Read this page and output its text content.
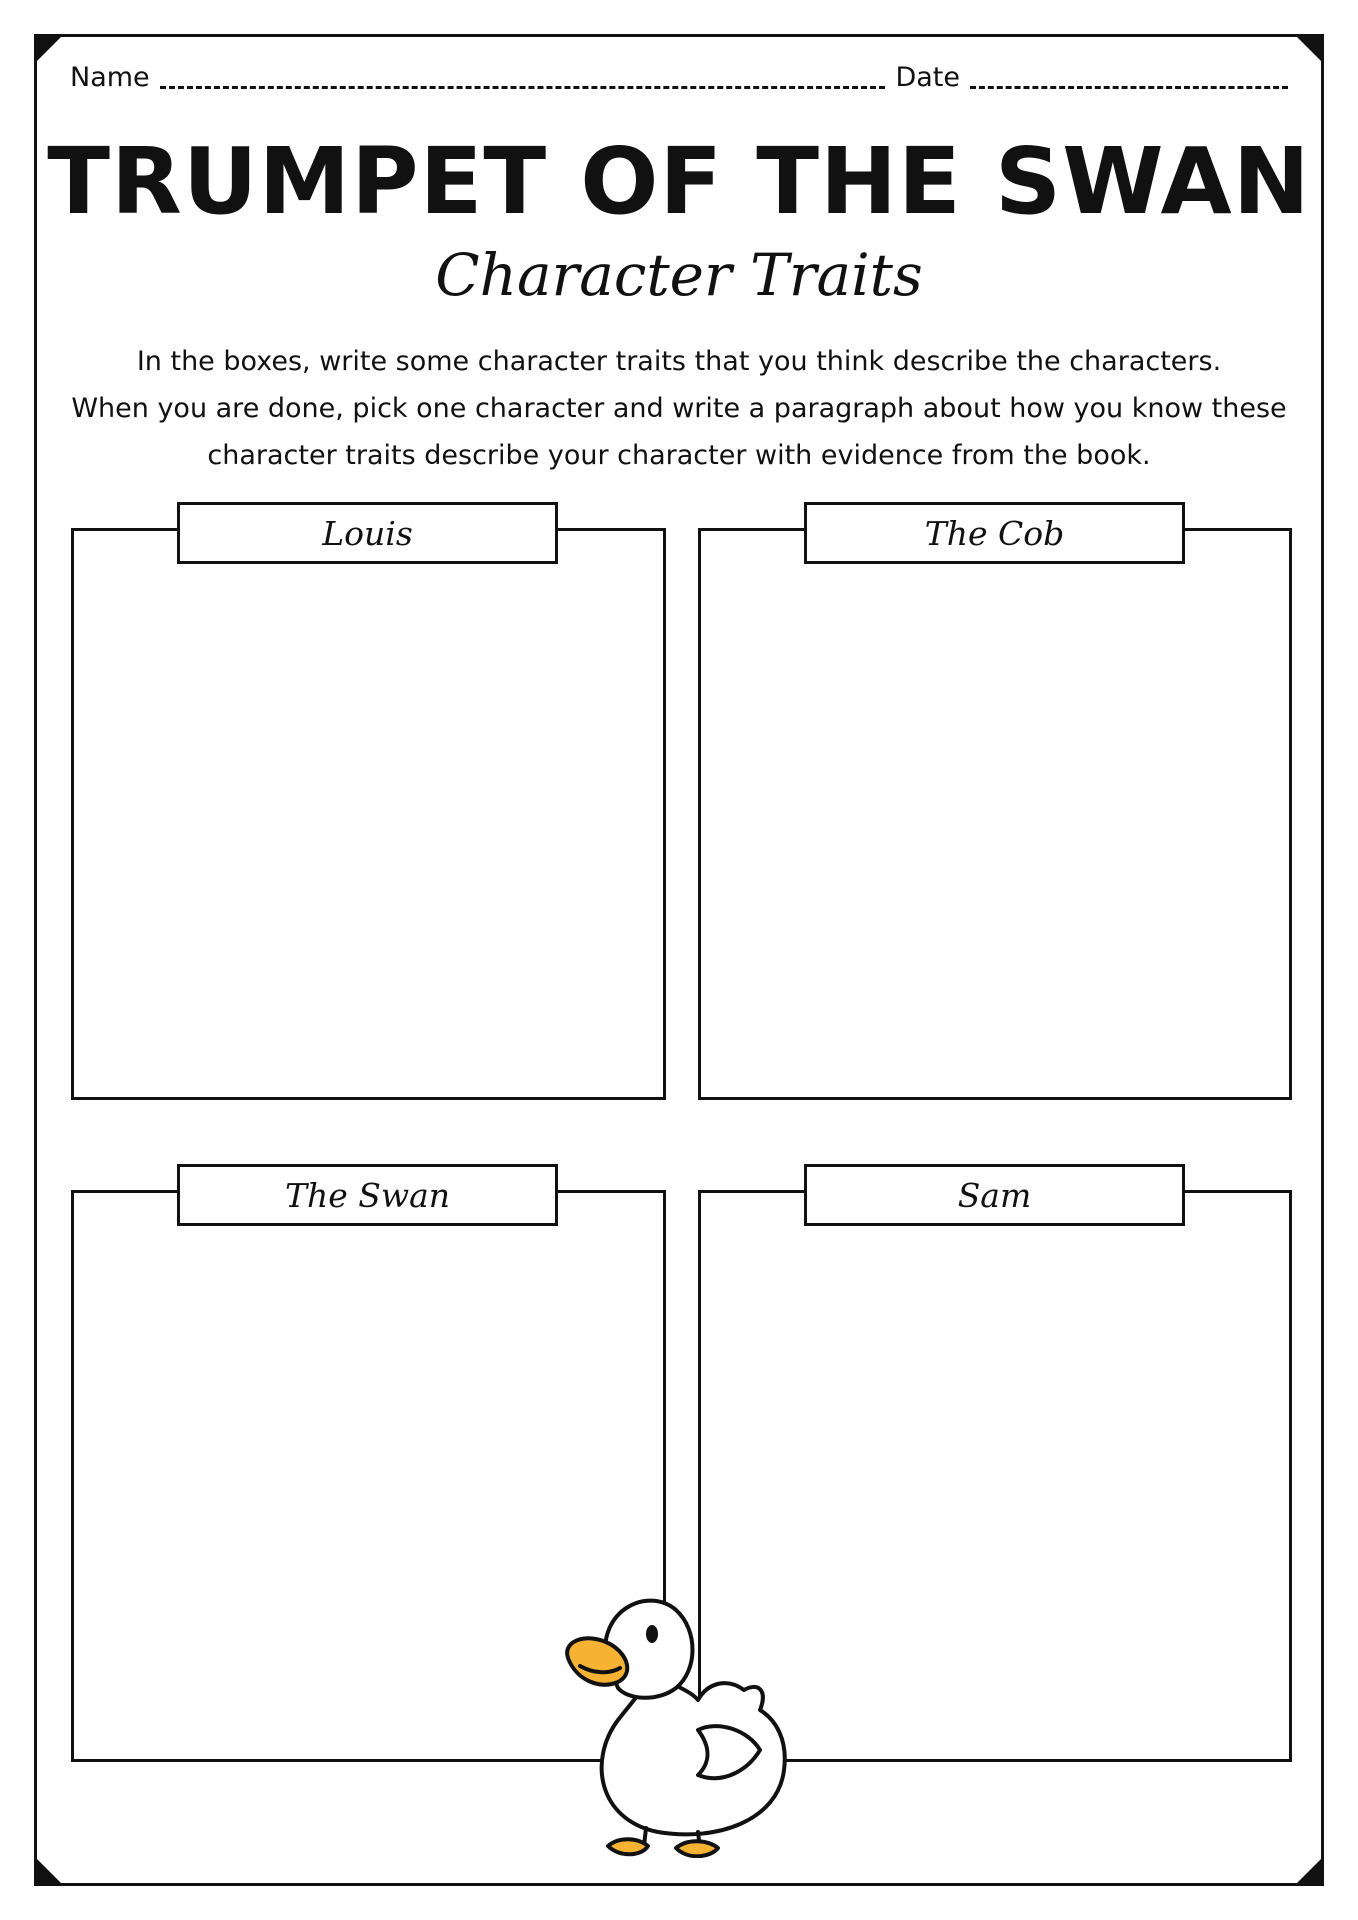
Name	Date
TRUMPET OF THE SWAN
Character Traits

In the boxes, write some character traits that you think describe the characters.

When you are done, pick one character and write a paragraph about how you know these character traits describe your character with evidence from the book.

Louis	The Cob
The Swan	Sam
